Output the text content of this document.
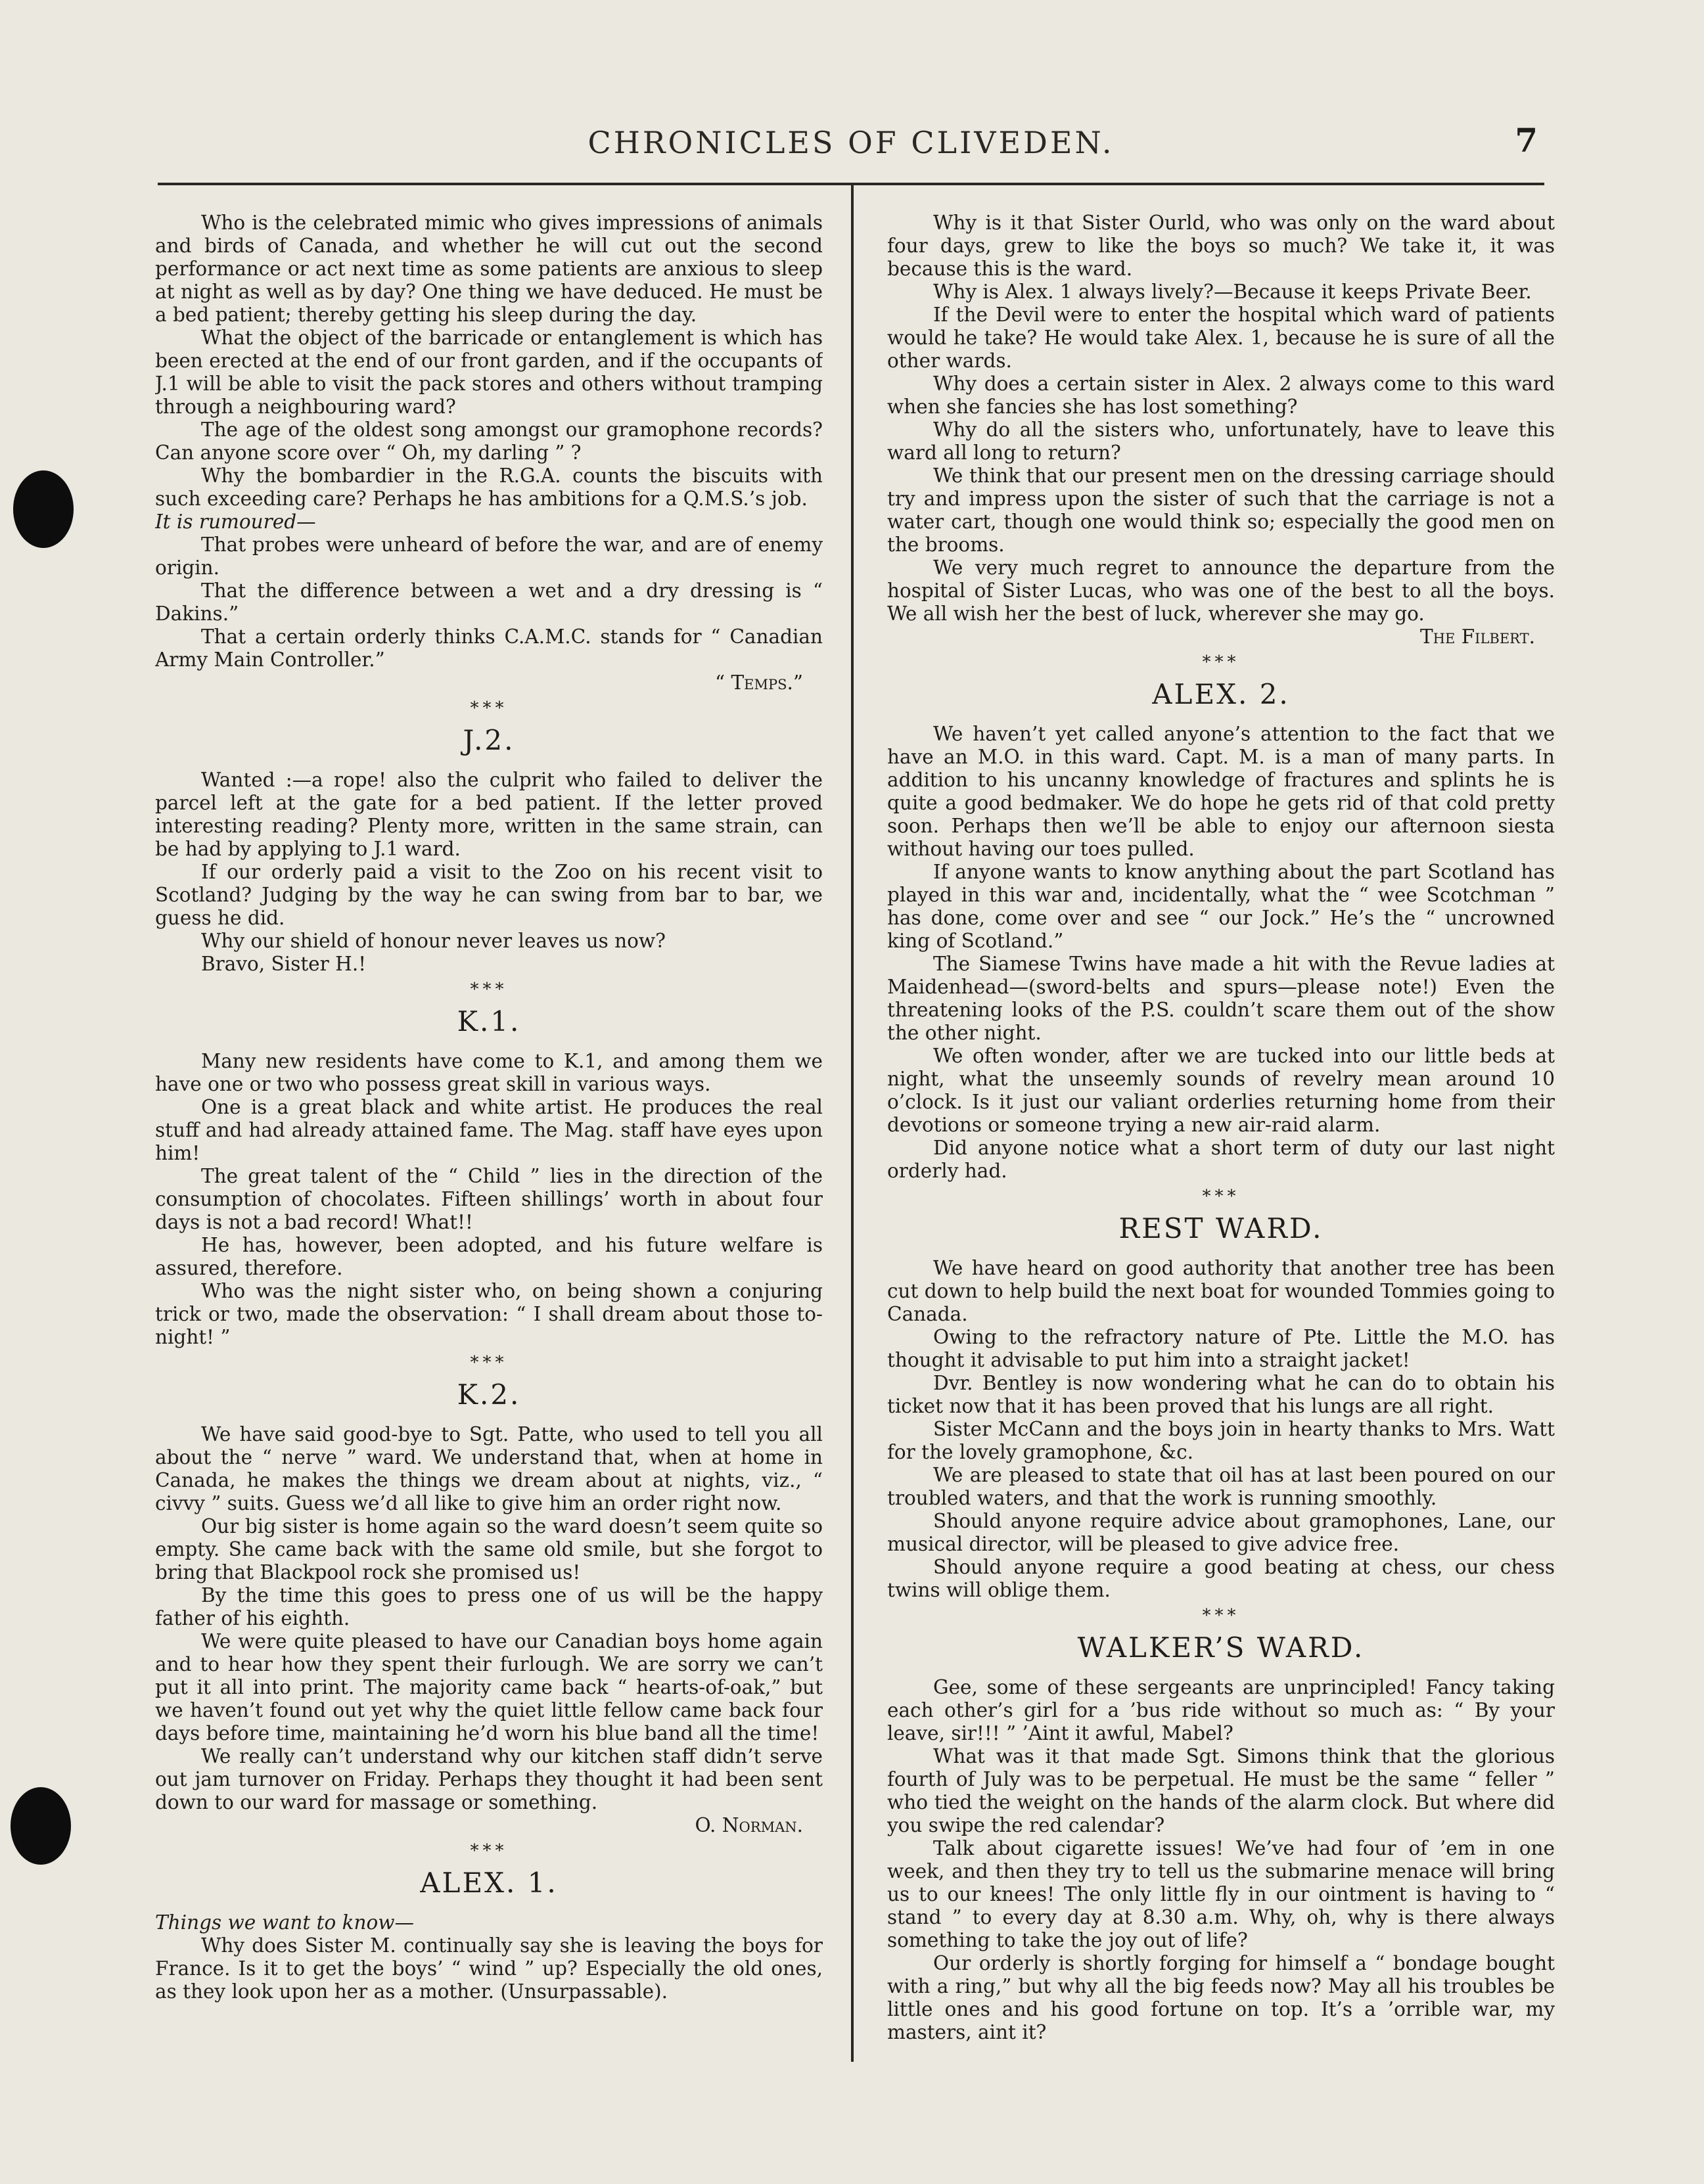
CHRONICLES OF CLIVEDEN.	7

Who is the celebrated mimic who gives impressions of animals and birds of Canada, and whether he will cut out the second performance or act next time as some patients are anxious to sleep at night as well as by day? One thing we have deduced. He must be a bed patient; thereby getting his sleep during the day.

What the object of the barricade or entanglement is which has been erected at the end of our front garden, and if the occupants of J.1 will be able to visit the pack stores and others without tramping through a neighbouring ward?

The age of the oldest song amongst our gramophone records? Can anyone score over “ Oh, my darling ” ?

Why the bombardier in the R.G.A. counts the biscuits with such exceeding care? Perhaps he has ambitions for a Q.M.S.’s job.

It is rumoured—

That probes were unheard of before the war, and are of enemy origin.

That the difference between a wet and a dry dressing is “ Dakins.”

That a certain orderly thinks C.A.M.C. stands for “ Canadian Army Main Controller.”

“ Temps.”

***
J.2.

Wanted :—a rope! also the culprit who failed to deliver the parcel left at the gate for a bed patient. If the letter proved interesting reading? Plenty more, written in the same strain, can be had by applying to J.1 ward.

If our orderly paid a visit to the Zoo on his recent visit to Scotland? Judging by the way he can swing from bar to bar, we guess he did.

Why our shield of honour never leaves us now?

Bravo, Sister H.!

***
K.1.

Many new residents have come to K.1, and among them we have one or two who possess great skill in various ways.

One is a great black and white artist. He produces the real stuff and had already attained fame. The Mag. staff have eyes upon him!

The great talent of the “ Child ” lies in the direction of the consumption of chocolates. Fifteen shillings’ worth in about four days is not a bad record! What!!

He has, however, been adopted, and his future welfare is assured, therefore.

Who was the night sister who, on being shown a conjuring trick or two, made the observation: “ I shall dream about those to-night! ”

***
K.2.

We have said good-bye to Sgt. Patte, who used to tell you all about the “ nerve ” ward. We understand that, when at home in Canada, he makes the things we dream about at nights, viz., “ civvy ” suits. Guess we’d all like to give him an order right now.

Our big sister is home again so the ward doesn’t seem quite so empty. She came back with the same old smile, but she forgot to bring that Blackpool rock she promised us!

By the time this goes to press one of us will be the happy father of his eighth.

We were quite pleased to have our Canadian boys home again and to hear how they spent their furlough. We are sorry we can’t put it all into print. The majority came back “ hearts-of-oak,” but we haven’t found out yet why the quiet little fellow came back four days before time, maintaining he’d worn his blue band all the time!

We really can’t understand why our kitchen staff didn’t serve out jam turnover on Friday. Perhaps they thought it had been sent down to our ward for massage or something.

O. Norman.

***
ALEX. 1.

Things we want to know—

Why does Sister M. continually say she is leaving the boys for France. Is it to get the boys’ “ wind ” up? Especially the old ones, as they look upon her as a mother. (Unsurpassable).

Why is it that Sister Ourld, who was only on the ward about four days, grew to like the boys so much? We take it, it was because this is the ward.

Why is Alex. 1 always lively?—Because it keeps Private Beer.

If the Devil were to enter the hospital which ward of patients would he take? He would take Alex. 1, because he is sure of all the other wards.

Why does a certain sister in Alex. 2 always come to this ward when she fancies she has lost something?

Why do all the sisters who, unfortunately, have to leave this ward all long to return?

We think that our present men on the dressing carriage should try and impress upon the sister of such that the carriage is not a water cart, though one would think so; especially the good men on the brooms.

We very much regret to announce the departure from the hospital of Sister Lucas, who was one of the best to all the boys. We all wish her the best of luck, wherever she may go.

The Filbert.

***
ALEX. 2.

We haven’t yet called anyone’s attention to the fact that we have an M.O. in this ward. Capt. M. is a man of many parts. In addition to his uncanny knowledge of fractures and splints he is quite a good bedmaker. We do hope he gets rid of that cold pretty soon. Perhaps then we’ll be able to enjoy our afternoon siesta without having our toes pulled.

If anyone wants to know anything about the part Scotland has played in this war and, incidentally, what the “ wee Scotchman ” has done, come over and see “ our Jock.” He’s the “ uncrowned king of Scotland.”

The Siamese Twins have made a hit with the Revue ladies at Maidenhead—(sword-belts and spurs—please note!) Even the threatening looks of the P.S. couldn’t scare them out of the show the other night.

We often wonder, after we are tucked into our little beds at night, what the unseemly sounds of revelry mean around 10 o’clock. Is it just our valiant orderlies returning home from their devotions or someone trying a new air-raid alarm.

Did anyone notice what a short term of duty our last night orderly had.

***
REST WARD.

We have heard on good authority that another tree has been cut down to help build the next boat for wounded Tommies going to Canada.

Owing to the refractory nature of Pte. Little the M.O. has thought it advisable to put him into a straight jacket!

Dvr. Bentley is now wondering what he can do to obtain his ticket now that it has been proved that his lungs are all right.

Sister McCann and the boys join in hearty thanks to Mrs. Watt for the lovely gramophone, &c.

We are pleased to state that oil has at last been poured on our troubled waters, and that the work is running smoothly.

Should anyone require advice about gramophones, Lane, our musical director, will be pleased to give advice free.

Should anyone require a good beating at chess, our chess twins will oblige them.

***
WALKER’S WARD.

Gee, some of these sergeants are unprincipled! Fancy taking each other’s girl for a ’bus ride without so much as: “ By your leave, sir!!! ” ’Aint it awful, Mabel?

What was it that made Sgt. Simons think that the glorious fourth of July was to be perpetual. He must be the same “ feller ” who tied the weight on the hands of the alarm clock. But where did you swipe the red calendar?

Talk about cigarette issues! We’ve had four of ’em in one week, and then they try to tell us the submarine menace will bring us to our knees! The only little fly in our ointment is having to “ stand ” to every day at 8.30 a.m. Why, oh, why is there always something to take the joy out of life?

Our orderly is shortly forging for himself a “ bondage bought with a ring,” but why all the big feeds now? May all his troubles be little ones and his good fortune on top. It’s a ’orrible war, my masters, aint it?
